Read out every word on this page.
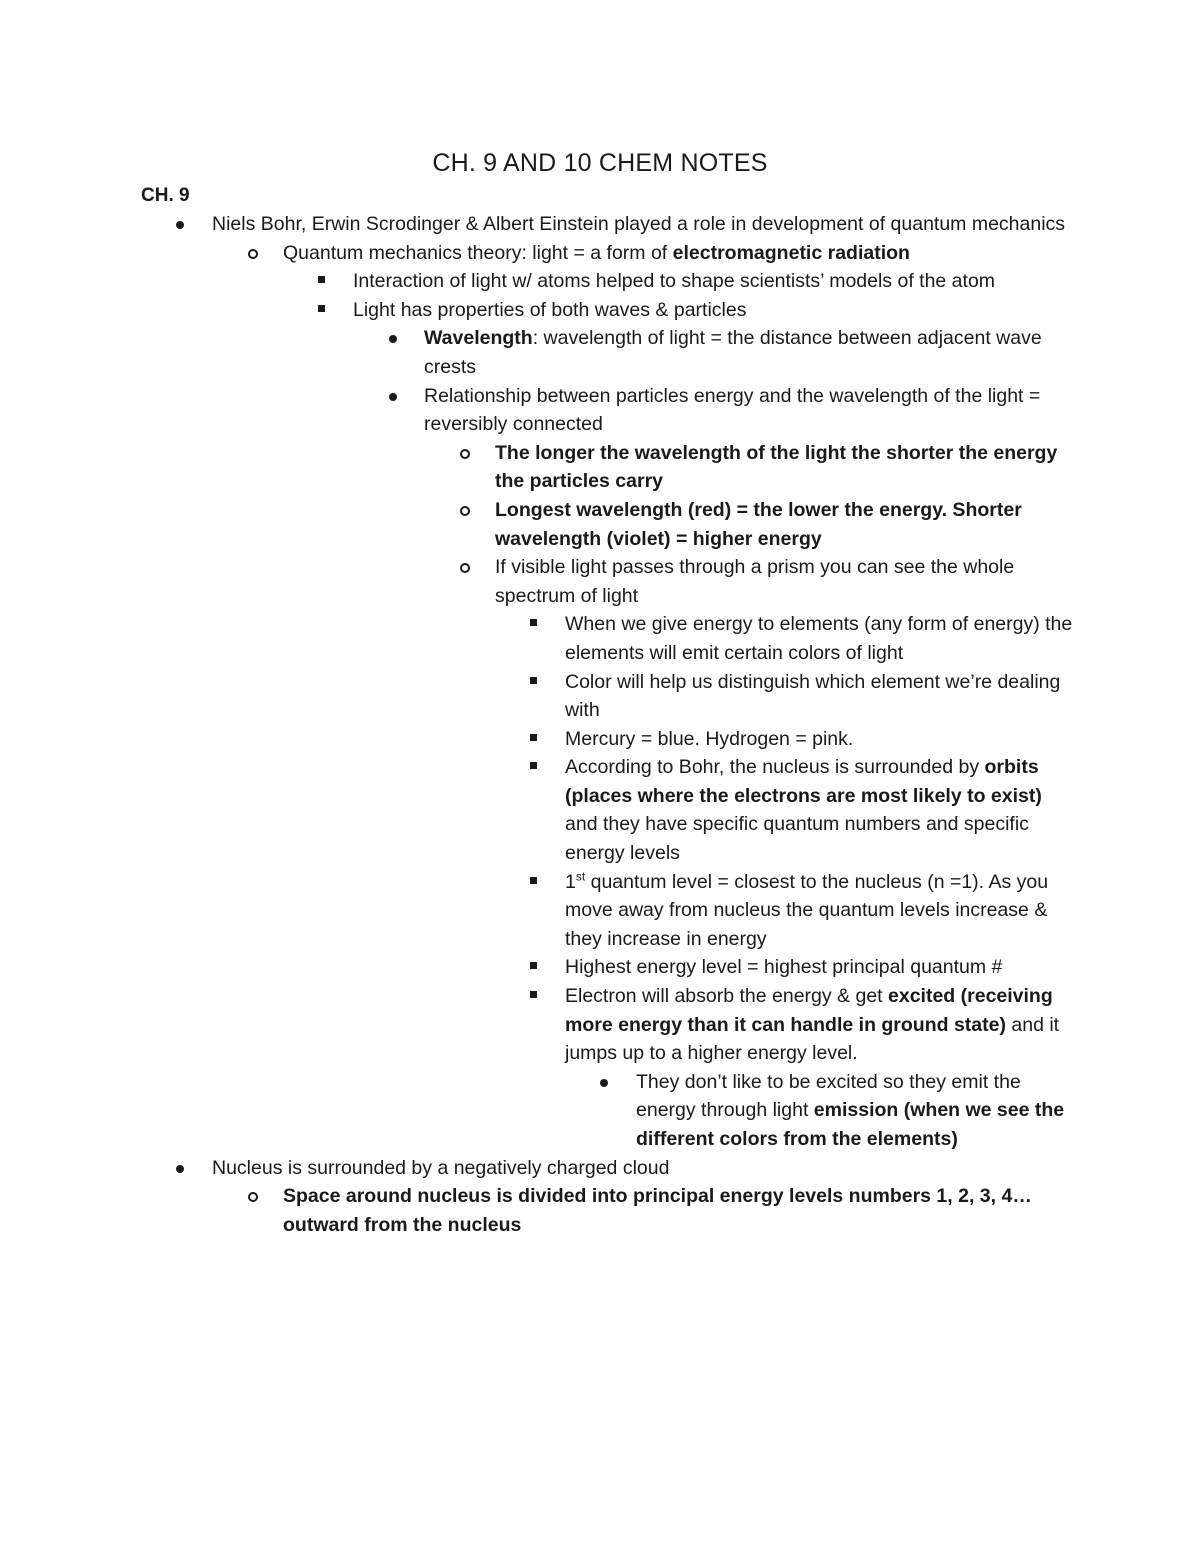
CH. 9 AND 10 CHEM NOTES
CH. 9
Niels Bohr, Erwin Scrodinger & Albert Einstein played a role in development of quantum mechanics
Quantum mechanics theory: light = a form of electromagnetic radiation
Interaction of light w/ atoms helped to shape scientists’ models of the atom
Light has properties of both waves & particles
Wavelength: wavelength of light = the distance between adjacent wave crests
Relationship between particles energy and the wavelength of the light = reversibly connected
The longer the wavelength of the light the shorter the energy the particles carry
Longest wavelength (red) = the lower the energy. Shorter wavelength (violet) = higher energy
If visible light passes through a prism you can see the whole spectrum of light
When we give energy to elements (any form of energy) the elements will emit certain colors of light
Color will help us distinguish which element we’re dealing with
Mercury = blue. Hydrogen = pink.
According to Bohr, the nucleus is surrounded by orbits (places where the electrons are most likely to exist) and they have specific quantum numbers and specific energy levels
1st quantum level = closest to the nucleus (n =1). As you move away from nucleus the quantum levels increase & they increase in energy
Highest energy level = highest principal quantum #
Electron will absorb the energy & get excited (receiving more energy than it can handle in ground state) and it jumps up to a higher energy level.
They don’t like to be excited so they emit the energy through light emission (when we see the different colors from the elements)
Nucleus is surrounded by a negatively charged cloud
Space around nucleus is divided into principal energy levels numbers 1, 2, 3, 4… outward from the nucleus
